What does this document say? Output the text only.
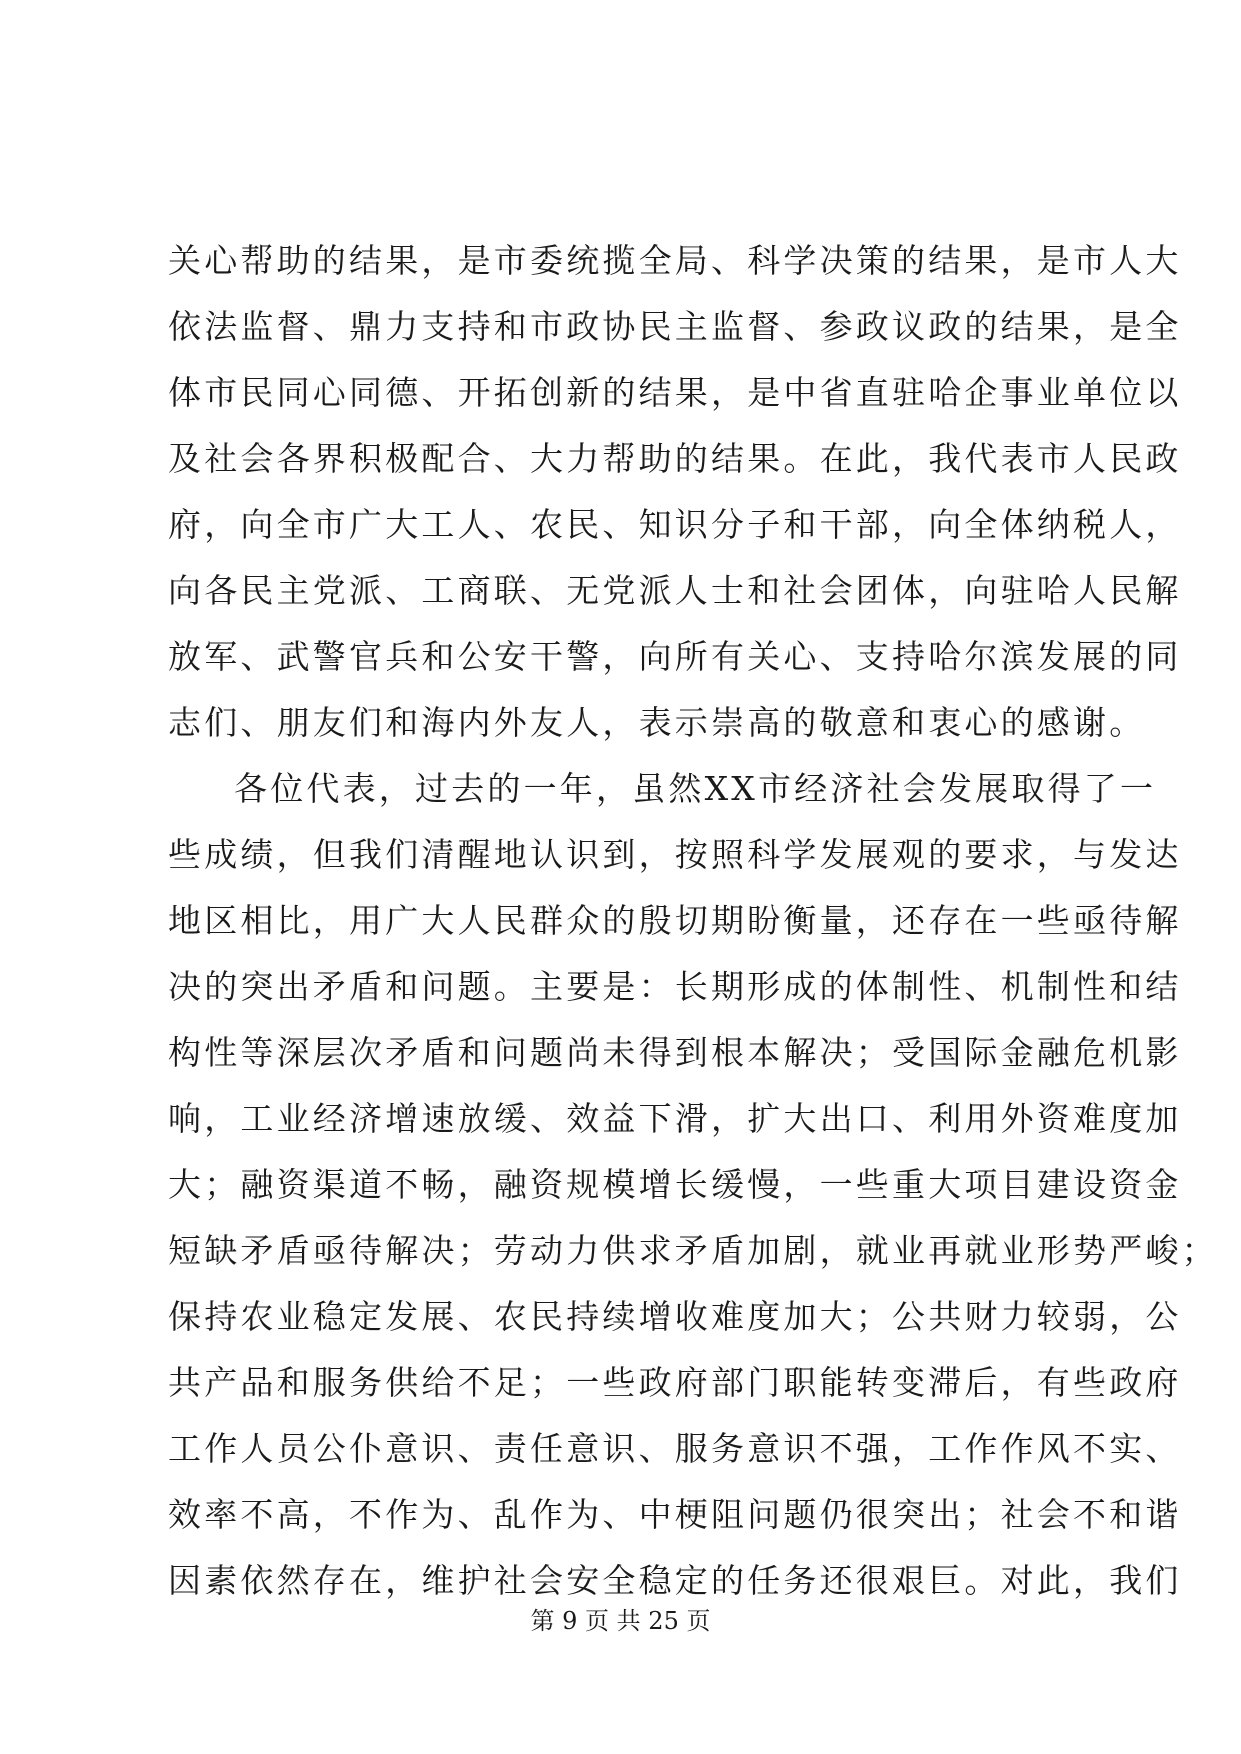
关心帮助的结果，是市委统揽全局、科学决策的结果，是市人大
依法监督、鼎力支持和市政协民主监督、参政议政的结果，是全
体市民同心同德、开拓创新的结果，是中省直驻哈企事业单位以
及社会各界积极配合、大力帮助的结果。在此，我代表市人民政
府，向全市广大工人、农民、知识分子和干部，向全体纳税人，
向各民主党派、工商联、无党派人士和社会团体，向驻哈人民解
放军、武警官兵和公安干警，向所有关心、支持哈尔滨发展的同
志们、朋友们和海内外友人，表示崇高的敬意和衷心的感谢。
各位代表，过去的一年，虽然XX市经济社会发展取得了一
些成绩，但我们清醒地认识到，按照科学发展观的要求，与发达
地区相比，用广大人民群众的殷切期盼衡量，还存在一些亟待解
决的突出矛盾和问题。主要是：长期形成的体制性、机制性和结
构性等深层次矛盾和问题尚未得到根本解决；受国际金融危机影
响，工业经济增速放缓、效益下滑，扩大出口、利用外资难度加
大；融资渠道不畅，融资规模增长缓慢，一些重大项目建设资金
短缺矛盾亟待解决；劳动力供求矛盾加剧，就业再就业形势严峻；
保持农业稳定发展、农民持续增收难度加大；公共财力较弱，公
共产品和服务供给不足；一些政府部门职能转变滞后，有些政府
工作人员公仆意识、责任意识、服务意识不强，工作作风不实、
效率不高，不作为、乱作为、中梗阻问题仍很突出；社会不和谐
因素依然存在，维护社会安全稳定的任务还很艰巨。对此，我们
第 9 页 共 25 页
